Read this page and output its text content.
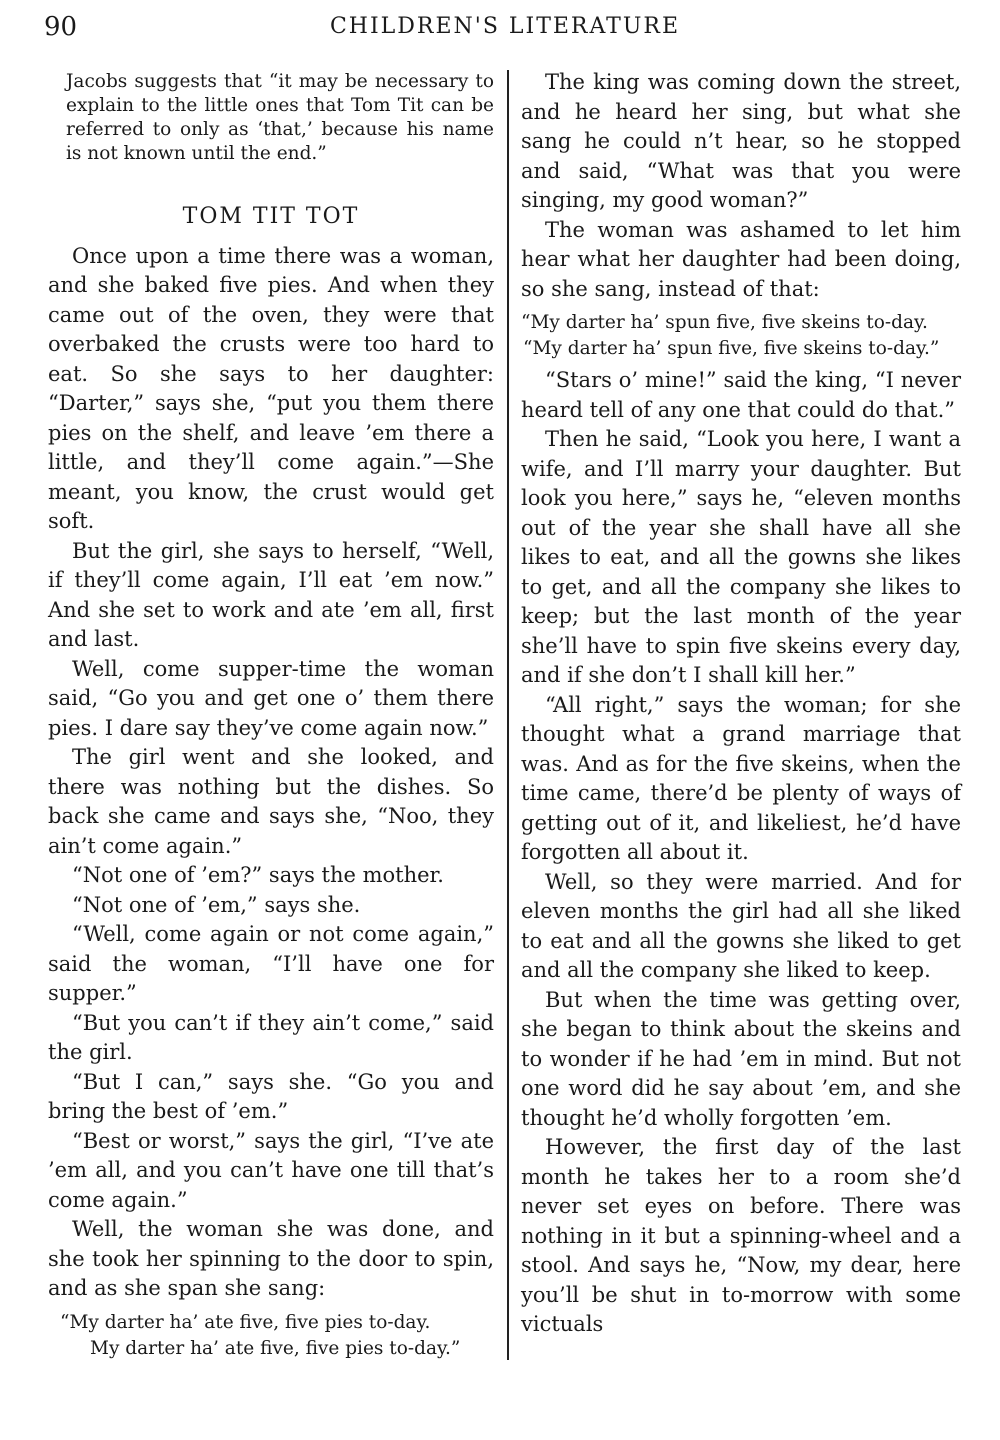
90	CHILDREN'S LITERATURE

Jacobs suggests that “it may be necessary to explain to the little ones that Tom Tit can be referred to only as ‘that,’ because his name is not known until the end.”

TOM TIT TOT

Once upon a time there was a woman, and she baked five pies. And when they came out of the oven, they were that overbaked the crusts were too hard to eat. So she says to her daughter: “Darter,” says she, “put you them there pies on the shelf, and leave ’em there a little, and they’ll come again.”—She meant, you know, the crust would get soft.

But the girl, she says to herself, “Well, if they’ll come again, I’ll eat ’em now.” And she set to work and ate ’em all, first and last.

Well, come supper-time the woman said, “Go you and get one o’ them there pies. I dare say they’ve come again now.”

The girl went and she looked, and there was nothing but the dishes. So back she came and says she, “Noo, they ain’t come again.”

“Not one of ’em?” says the mother.

“Not one of ’em,” says she.

“Well, come again or not come again,” said the woman, “I’ll have one for supper.”

“But you can’t if they ain’t come,” said the girl.

“But I can,” says she. “Go you and bring the best of ’em.”

“Best or worst,” says the girl, “I’ve ate ’em all, and you can’t have one till that’s come again.”

Well, the woman she was done, and she took her spinning to the door to spin, and as she span she sang:

“My darter ha’ ate five, five pies to-day.
My darter ha’ ate five, five pies to-day.”

The king was coming down the street, and he heard her sing, but what she sang he could n’t hear, so he stopped and said, “What was that you were singing, my good woman?”

The woman was ashamed to let him hear what her daughter had been doing, so she sang, instead of that:

“My darter ha’ spun five, five skeins to-day.
“My darter ha’ spun five, five skeins to-day.”

“Stars o’ mine!” said the king, “I never heard tell of any one that could do that.”

Then he said, “Look you here, I want a wife, and I’ll marry your daughter. But look you here,” says he, “eleven months out of the year she shall have all she likes to eat, and all the gowns she likes to get, and all the company she likes to keep; but the last month of the year she’ll have to spin five skeins every day, and if she don’t I shall kill her.”

“All right,” says the woman; for she thought what a grand marriage that was. And as for the five skeins, when the time came, there’d be plenty of ways of getting out of it, and likeliest, he’d have forgotten all about it.

Well, so they were married. And for eleven months the girl had all she liked to eat and all the gowns she liked to get and all the company she liked to keep.

But when the time was getting over, she began to think about the skeins and to wonder if he had ’em in mind. But not one word did he say about ’em, and she thought he’d wholly forgotten ’em.

However, the first day of the last month he takes her to a room she’d never set eyes on before. There was nothing in it but a spinning-wheel and a stool. And says he, “Now, my dear, here you’ll be shut in to-morrow with some victuals
